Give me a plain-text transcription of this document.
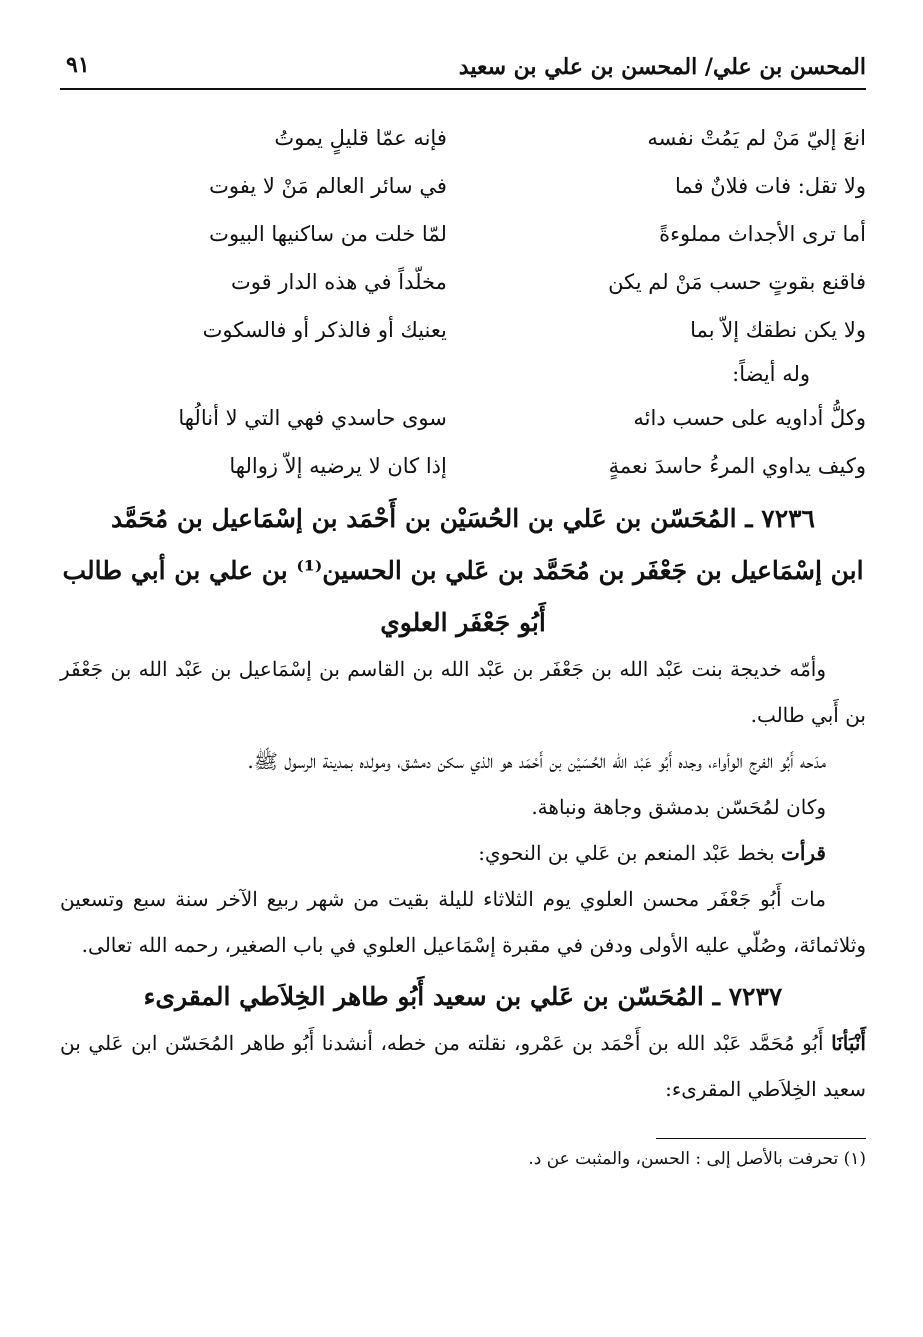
المحسن بن علي/ المحسن بن علي بن سعيد
٩١
انعَ إليّ مَنْ لم يَمُتْ نفسه
فإنه عمّا قليلٍ يموتُ
ولا تقل: فات فلانٌ فما
في سائر العالم مَنْ لا يفوت
أما ترى الأجداث مملوءةً
لمّا خلت من ساكنيها البيوت
فاقنع بقوتٍ حسب مَنْ لم يكن
مخلّداً في هذه الدار قوت
ولا يكن نطقك إلاّ بما
يعنيك أو فالذكر أو فالسكوت
وله أيضاً:
وكلُّ أداويه على حسب دائه
سوى حاسدي فهي التي لا أنالُها
وكيف يداوي المرءُ حاسدَ نعمةٍ
إذا كان لا يرضيه إلاّ زوالها
٧٢٣٦ ـ المُحَسّن بن عَلي بن الحُسَيْن بن أَحْمَد بن إسْمَاعيل بن مُحَمَّد
ابن إسْمَاعيل بن جَعْفَر بن مُحَمَّد بن عَلي بن الحسين⁽¹⁾ بن علي بن أبي طالب
أَبُو جَعْفَر العلوي

وأمّه خديجة بنت عَبْد الله بن جَعْفَر بن عَبْد الله بن القاسم بن إسْمَاعيل بن عَبْد الله بن جَعْفَر بن أَبي طالب.

مدَحه أَبُو الفرج الوأواء، وجده أَبُو عَبْد الله الحُسَيْن بن أَحْمَد هو الذي سكن دمشق، ومولده بمدينة الرسول ﷺ.

وكان لمُحَسّن بدمشق وجاهة ونباهة.

قرأت بخط عَبْد المنعم بن عَلي بن النحوي:

مات أَبُو جَعْفَر محسن العلوي يوم الثلاثاء لليلة بقيت من شهر ربيع الآخر سنة سبع وتسعين وثلاثمائة، وصُلّي عليه الأولى ودفن في مقبرة إسْمَاعيل العلوي في باب الصغير، رحمه الله تعالى.

٧٢٣٧ ـ المُحَسّن بن عَلي بن سعيد أَبُو طاهر الخِلاَطي المقرىء

أَنْبَأنَا أَبُو مُحَمَّد عَبْد الله بن أَحْمَد بن عَمْرو، نقلته من خطه، أنشدنا أَبُو طاهر المُحَسّن ابن عَلي بن سعيد الخِلاَطي المقرىء:

(١) تحرفت بالأصل إلى : الحسن، والمثبت عن د.
